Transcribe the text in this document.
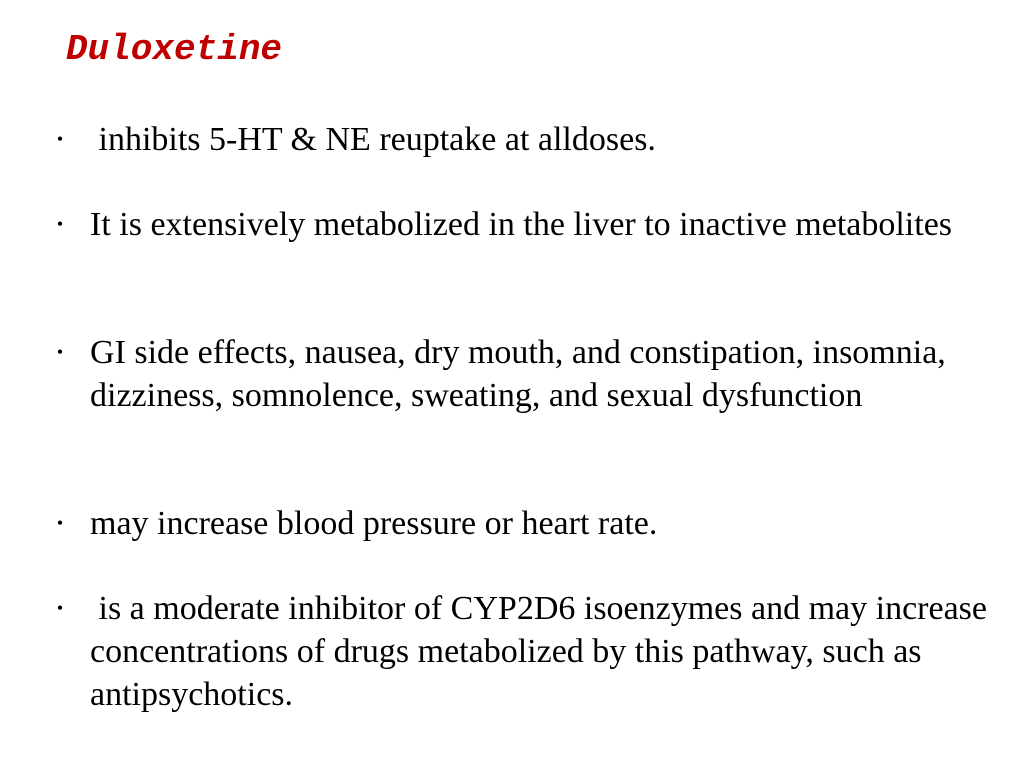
Duloxetine
• inhibits 5-HT & NE reuptake at alldoses.
• It is extensively metabolized in the liver to inactive metabolites
• GI side effects, nausea, dry mouth, and constipation, insomnia, dizziness, somnolence, sweating, and sexual dysfunction
• may increase blood pressure or heart rate.
• is a moderate inhibitor of CYP2D6 isoenzymes and may increase concentrations of drugs metabolized by this pathway, such as antipsychotics.
